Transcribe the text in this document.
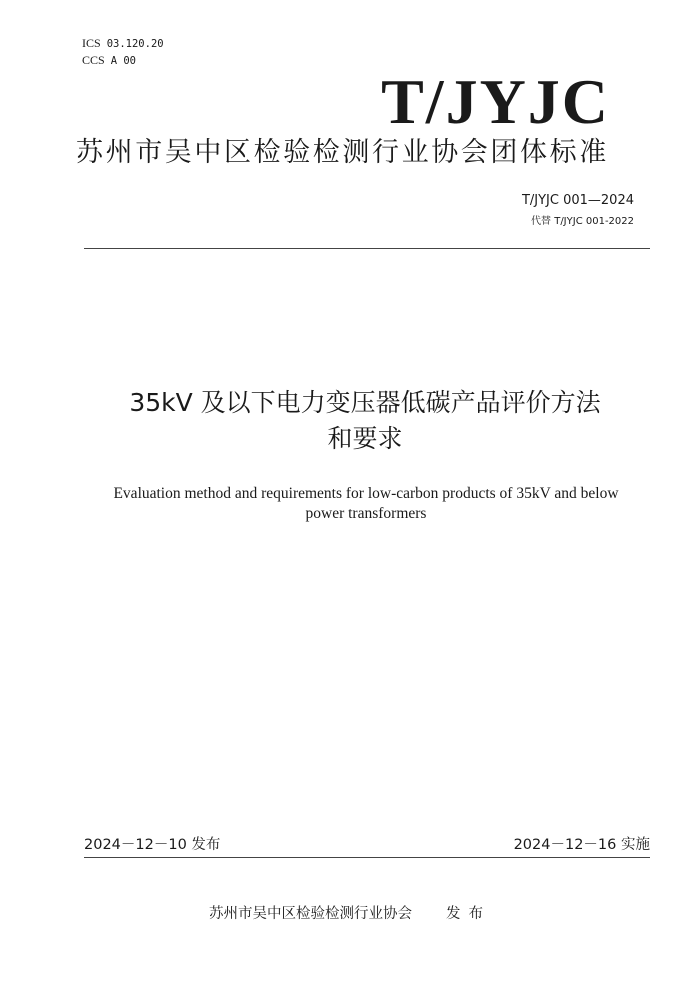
ICS 03.120.20
CCS A 00
T/JYJC
苏州市吴中区检验检测行业协会团体标准
T/JYJC 001—2024
代替 T/JYJC 001-2022
35kV 及以下电力变压器低碳产品评价方法
和要求
Evaluation method and requirements for low-carbon products of 35kV and below
power transformers
2024－12－10 发布	2024－12－16 实施
苏州市吴中区检验检测行业协会 发布
